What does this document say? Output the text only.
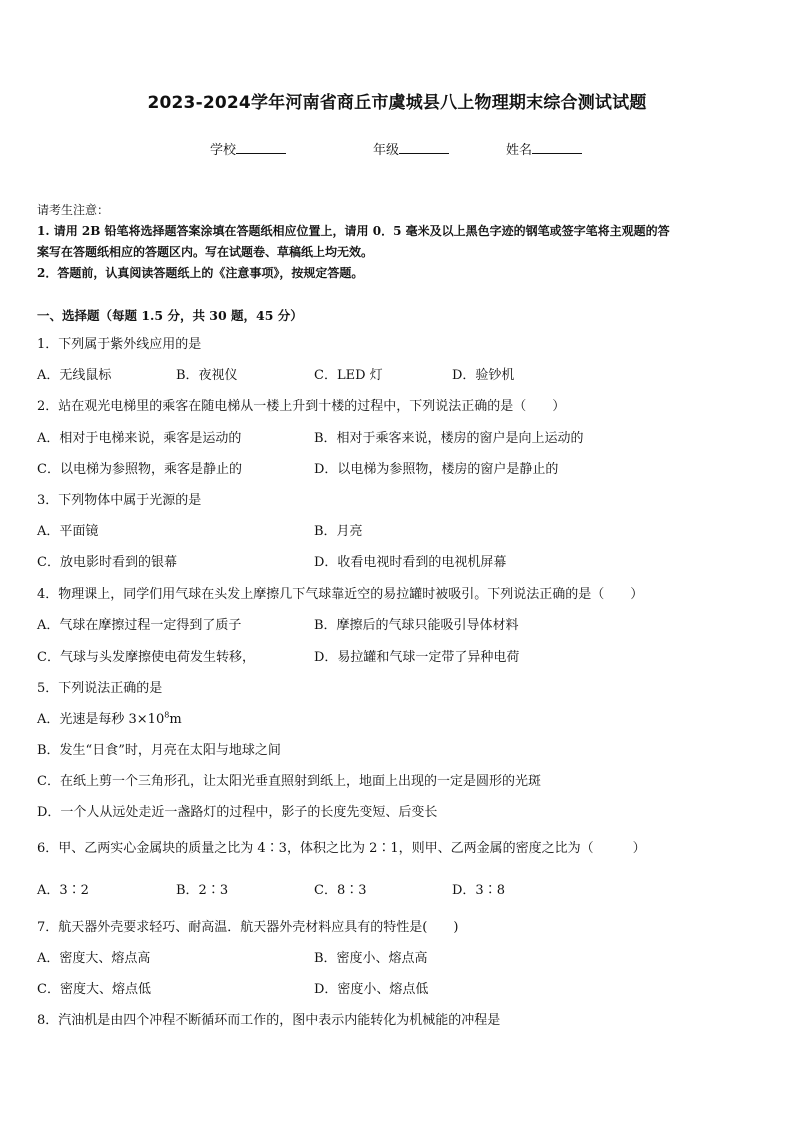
2023-2024学年河南省商丘市虞城县八上物理期末综合测试试题
学校	年级	姓名
请考生注意：
1. 请用 2B 铅笔将选择题答案涂填在答题纸相应位置上，请用 0．5 毫米及以上黑色字迹的钢笔或签字笔将主观题的答
案写在答题纸相应的答题区内。写在试题卷、草稿纸上均无效。
2．答题前，认真阅读答题纸上的《注意事项》，按规定答题。
一、选择题（每题 1.5 分，共 30 题，45 分）
1．下列属于紫外线应用的是
A．无线鼠标	B．夜视仪	C．LED 灯	D．验钞机
2．站在观光电梯里的乘客在随电梯从一楼上升到十楼的过程中，下列说法正确的是（　　）
A．相对于电梯来说，乘客是运动的	B．相对于乘客来说，楼房的窗户是向上运动的
C．以电梯为参照物，乘客是静止的	D．以电梯为参照物，楼房的窗户是静止的
3．下列物体中属于光源的是
A．平面镜	B．月亮
C．放电影时看到的银幕	D．收看电视时看到的电视机屏幕
4．物理课上，同学们用气球在头发上摩擦几下气球靠近空的易拉罐时被吸引。下列说法正确的是（　　）
A．气球在摩擦过程一定得到了质子	B．摩擦后的气球只能吸引导体材料
C．气球与头发摩擦使电荷发生转移，	D．易拉罐和气球一定带了异种电荷
5．下列说法正确的是
A．光速是每秒 $3\times 10^8m$
B．发生“日食”时，月亮在太阳与地球之间
C．在纸上剪一个三角形孔，让太阳光垂直照射到纸上，地面上出现的一定是圆形的光斑
D．一个人从远处走近一盏路灯的过程中，影子的长度先变短、后变长
6．甲、乙两实心金属块的质量之比为 4∶3，体积之比为 2∶1，则甲、乙两金属的密度之比为（　　　）
A．3∶2	B．2∶3	C．8∶3	D．3∶8
7．航天器外壳要求轻巧、耐高温．航天器外壳材料应具有的特性是(　　)
A．密度大、熔点高	B．密度小、熔点高
C．密度大、熔点低	D．密度小、熔点低
8．汽油机是由四个冲程不断循环而工作的，图中表示内能转化为机械能的冲程是
